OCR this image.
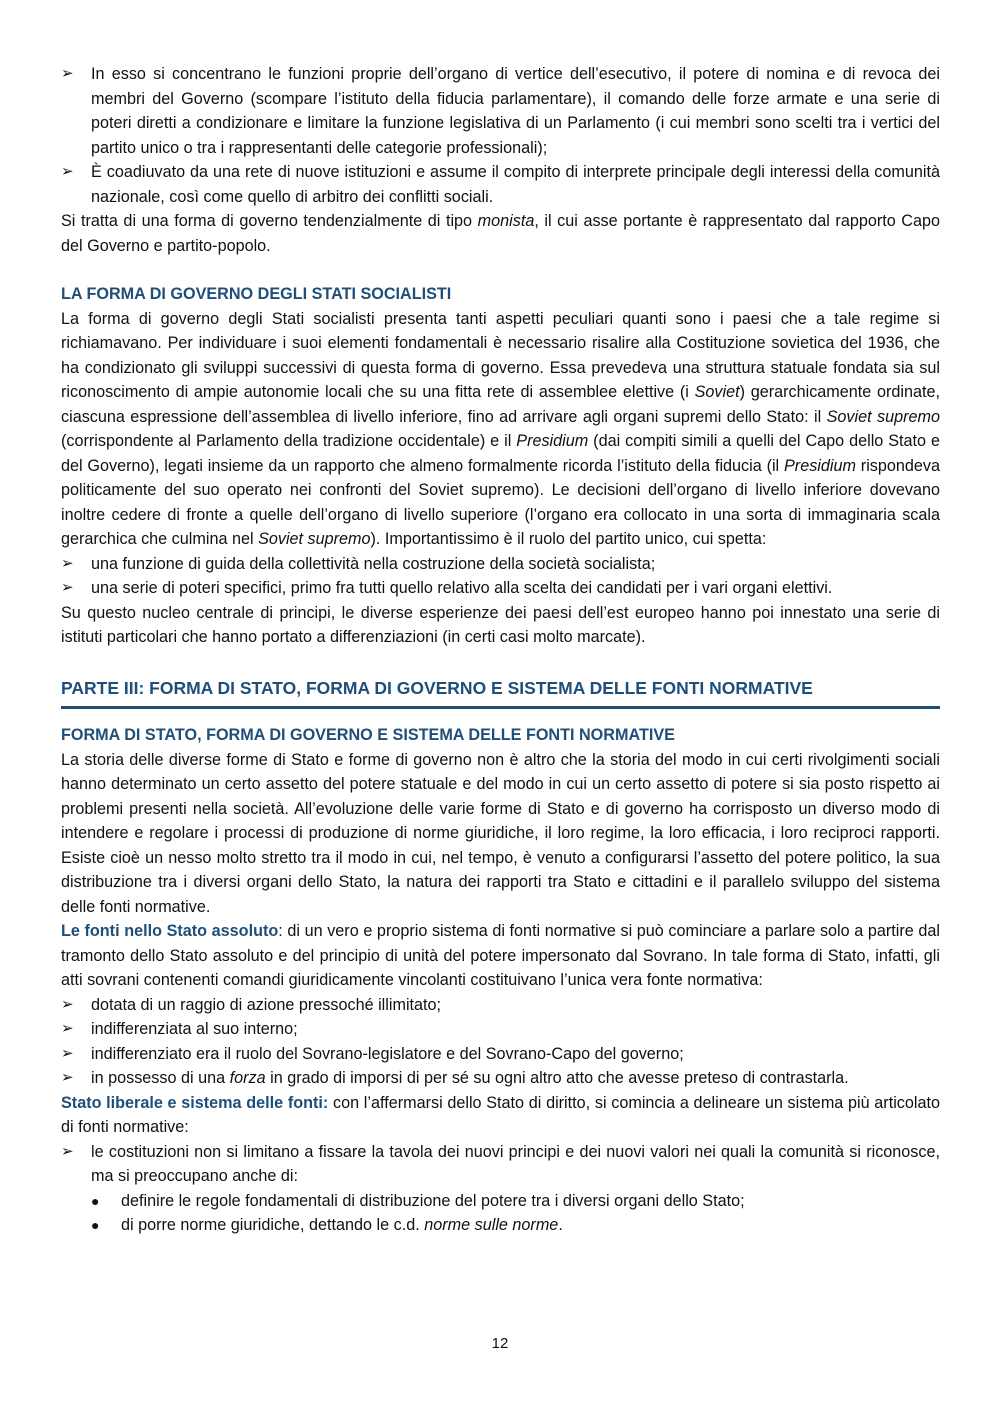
➢	In esso si concentrano le funzioni proprie dell’organo di vertice dell’esecutivo, il potere di nomina e di revoca dei membri del Governo (scompare l’istituto della fiducia parlamentare), il comando delle forze armate e una serie di poteri diretti a condizionare e limitare la funzione legislativa di un Parlamento (i cui membri sono scelti tra i vertici del partito unico o tra i rappresentanti delle categorie professionali);
➢	È coadiuvato da una rete di nuove istituzioni e assume il compito di interprete principale degli interessi della comunità nazionale, così come quello di arbitro dei conflitti sociali.

Si tratta di una forma di governo tendenzialmente di tipo monista, il cui asse portante è rappresentato dal rapporto Capo del Governo e partito-popolo.

LA FORMA DI GOVERNO DEGLI STATI SOCIALISTI

La forma di governo degli Stati socialisti presenta tanti aspetti peculiari quanti sono i paesi che a tale regime si richiamavano. Per individuare i suoi elementi fondamentali è necessario risalire alla Costituzione sovietica del 1936, che ha condizionato gli sviluppi successivi di questa forma di governo. Essa prevedeva una struttura statuale fondata sia sul riconoscimento di ampie autonomie locali che su una fitta rete di assemblee elettive (i Soviet) gerarchicamente ordinate, ciascuna espressione dell’assemblea di livello inferiore, fino ad arrivare agli organi supremi dello Stato: il Soviet supremo (corrispondente al Parlamento della tradizione occidentale) e il Presidium (dai compiti simili a quelli del Capo dello Stato e del Governo), legati insieme da un rapporto che almeno formalmente ricorda l’istituto della fiducia (il Presidium rispondeva politicamente del suo operato nei confronti del Soviet supremo). Le decisioni dell’organo di livello inferiore dovevano inoltre cedere di fronte a quelle dell’organo di livello superiore (l’organo era collocato in una sorta di immaginaria scala gerarchica che culmina nel Soviet supremo). Importantissimo è il ruolo del partito unico, cui spetta:

➢	una funzione di guida della collettività nella costruzione della società socialista;
➢	una serie di poteri specifici, primo fra tutti quello relativo alla scelta dei candidati per i vari organi elettivi.

Su questo nucleo centrale di principi, le diverse esperienze dei paesi dell’est europeo hanno poi innestato una serie di istituti particolari che hanno portato a differenziazioni (in certi casi molto marcate).

PARTE III: FORMA DI STATO, FORMA DI GOVERNO E SISTEMA DELLE FONTI NORMATIVE

FORMA DI STATO, FORMA DI GOVERNO E SISTEMA DELLE FONTI NORMATIVE

La storia delle diverse forme di Stato e forme di governo non è altro che la storia del modo in cui certi rivolgimenti sociali hanno determinato un certo assetto del potere statuale e del modo in cui un certo assetto di potere si sia posto rispetto ai problemi presenti nella società. All’evoluzione delle varie forme di Stato e di governo ha corrisposto un diverso modo di intendere e regolare i processi di produzione di norme giuridiche, il loro regime, la loro efficacia, i loro reciproci rapporti. Esiste cioè un nesso molto stretto tra il modo in cui, nel tempo, è venuto a configurarsi l’assetto del potere politico, la sua distribuzione tra i diversi organi dello Stato, la natura dei rapporti tra Stato e cittadini e il parallelo sviluppo del sistema delle fonti normative.

Le fonti nello Stato assoluto: di un vero e proprio sistema di fonti normative si può cominciare a parlare solo a partire dal tramonto dello Stato assoluto e del principio di unità del potere impersonato dal Sovrano. In tale forma di Stato, infatti, gli atti sovrani contenenti comandi giuridicamente vincolanti costituivano l’unica vera fonte normativa:

➢	dotata di un raggio di azione pressoché illimitato;
➢	indifferenziata al suo interno;
➢	indifferenziato era il ruolo del Sovrano-legislatore e del Sovrano-Capo del governo;
➢	in possesso di una forza in grado di imporsi di per sé su ogni altro atto che avesse preteso di contrastarla.

Stato liberale e sistema delle fonti: con l’affermarsi dello Stato di diritto, si comincia a delineare un sistema più articolato di fonti normative:

➢	le costituzioni non si limitano a fissare la tavola dei nuovi principi e dei nuovi valori nei quali la comunità si riconosce, ma si preoccupano anche di:
● definire le regole fondamentali di distribuzione del potere tra i diversi organi dello Stato;
● di porre norme giuridiche, dettando le c.d. norme sulle norme.
12
